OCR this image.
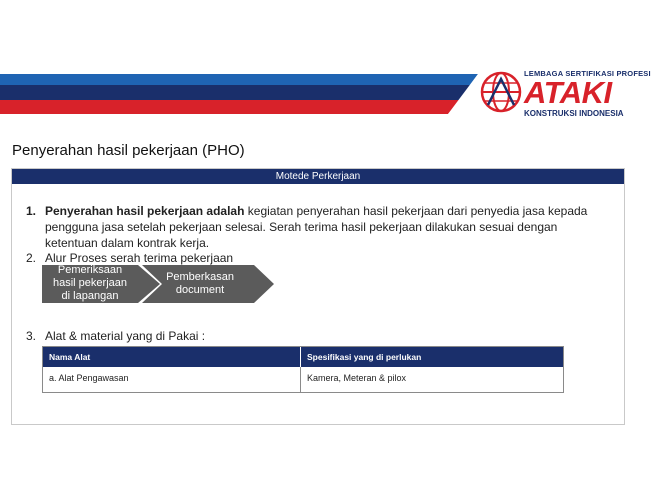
LEMBAGA SERTIFIKASI PROFESI
ATAKI
KONSTRUKSI INDONESIA
Penyerahan hasil pekerjaan (PHO)
Motede Perkerjaan
1. Penyerahan hasil pekerjaan adalah kegiatan penyerahan hasil pekerjaan dari penyedia jasa kepada pengguna jasa setelah pekerjaan selesai. Serah terima hasil pekerjaan dilakukan sesuai dengan ketentuan dalam kontrak kerja.
2. Alur Proses serah terima pekerjaan
Pemeriksaan
hasil pekerjaan
di lapangan
Pemberkasan
document
3. Alat & material yang di Pakai :
Nama Alat	Spesifikasi yang di perlukan
a. Alat Pengawasan	Kamera, Meteran & pilox
